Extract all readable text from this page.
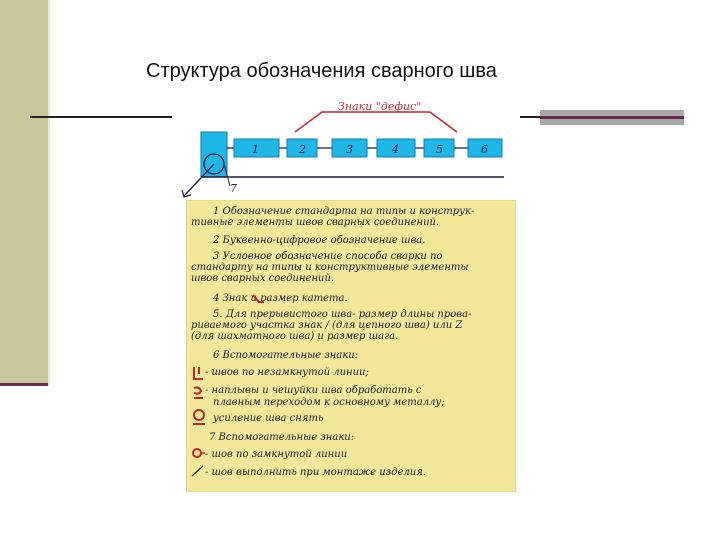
Структура обозначения сварного шва
Знаки "дефис"
7
1	2	3	4	5	6
1 Обозначение стандарта на типы и конструк-
тивные элементы швов сварных соединений.
2 Буквенно-цифровое обозначение шва.
3 Условное обозначение способа сварки по
стандарту на типы и конструктивные элементы
швов сварных соединений.
4 Знак и размер катета.
5. Для прерывистого шва- размер длины прова-
риваемого участка знак / (для цепного шва) или Z
(для шахматного шва) и размер шага.
6 Вспомогательные знаки:
- швов по незамкнутой линии;
- наплывы и чешуйки шва обработать с
плавным переходом к основному металлу;
усиление шва снять
7 Вспомогательные знаки:
- шов по замкнутой линии
- шов выполнить при монтаже изделия.
